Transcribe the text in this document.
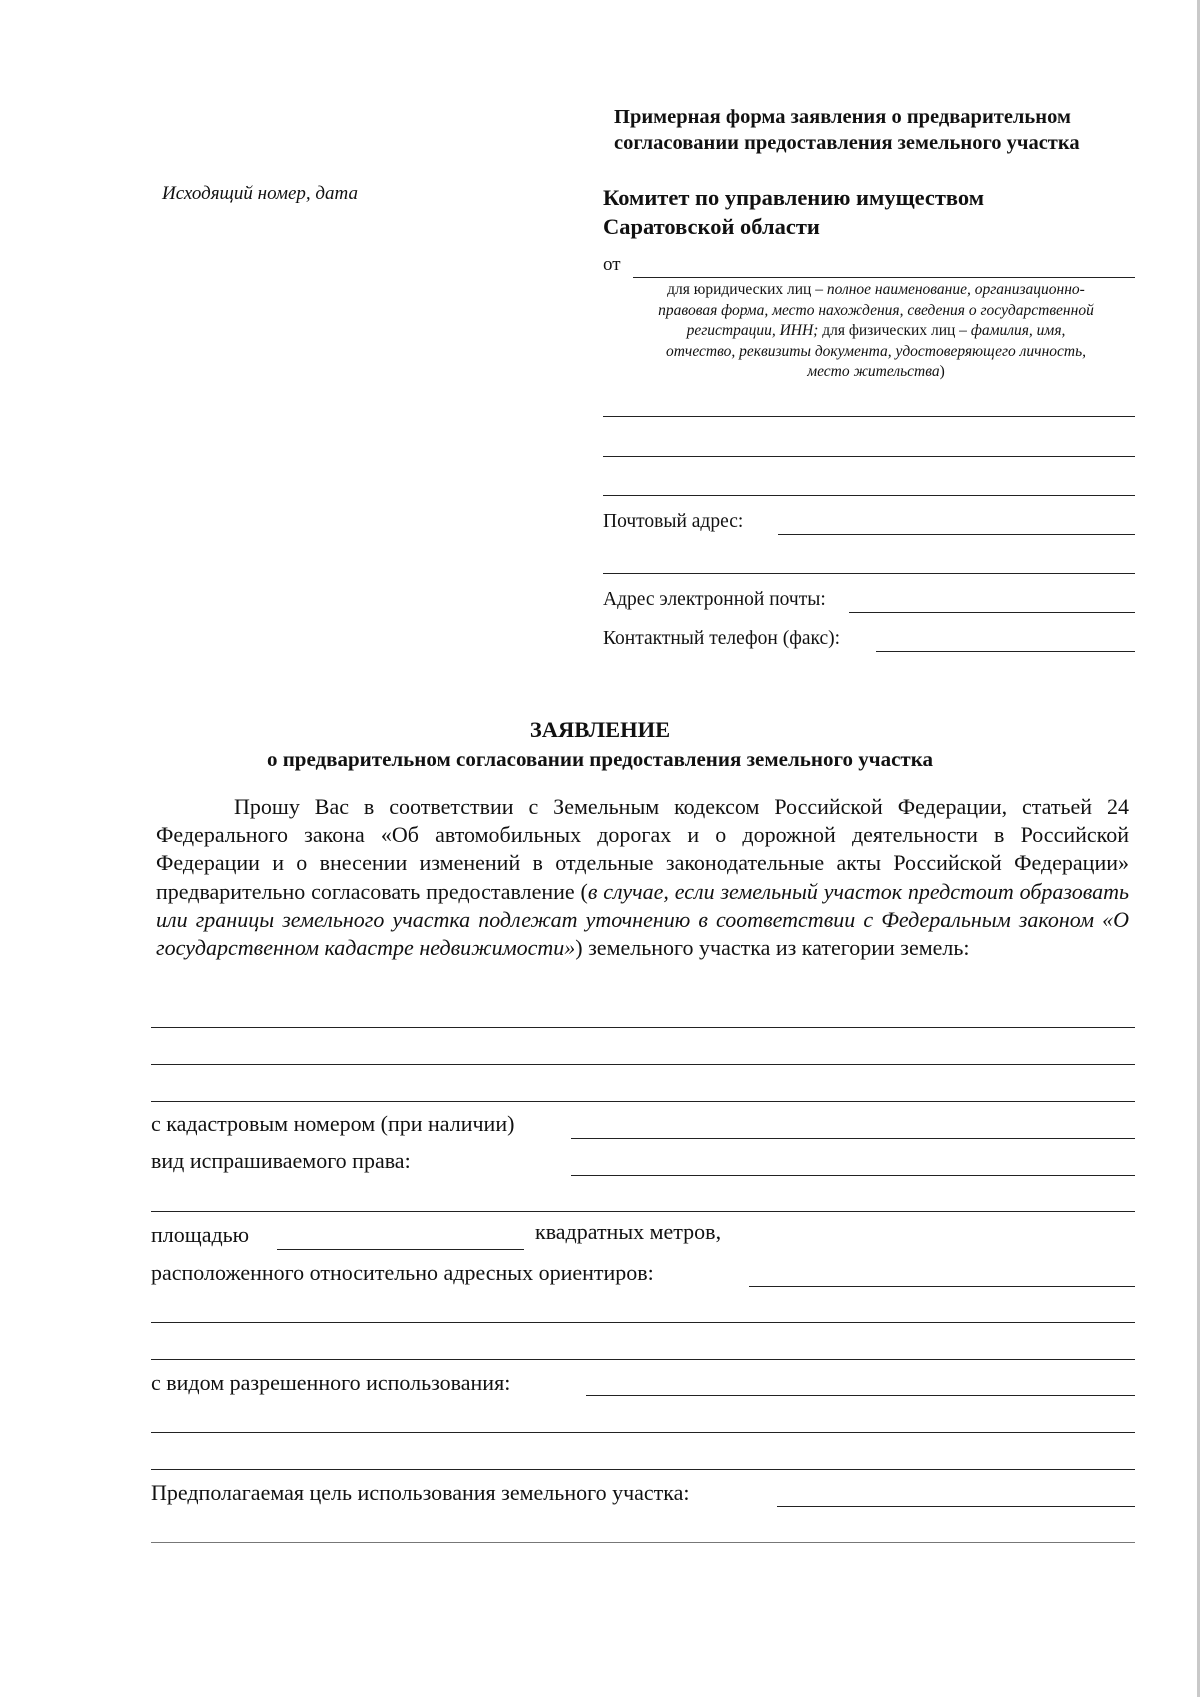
Примерная форма заявления о предварительном
согласовании предоставления земельного участка
Исходящий номер, дата	Комитет по управлению имуществом
Саратовской области
от
для юридических лиц – полное наименование, организационно-
правовая форма, место нахождения, сведения о государственной
регистрации, ИНН; для физических лиц – фамилия, имя,
отчество, реквизиты документа, удостоверяющего личность,
место жительства)
Почтовый адрес:
Адрес электронной почты:
Контактный телефон (факс):
ЗАЯВЛЕНИЕ
о предварительном согласовании предоставления земельного участка
Прошу Вас в соответствии с Земельным кодексом Российской Федерации, статьей 24 Федерального закона «Об автомобильных дорогах и о дорожной деятельности в Российской Федерации и о внесении изменений в отдельные законодательные акты Российской Федерации» предварительно согласовать предоставление (в случае, если земельный участок предстоит образовать или границы земельного участка подлежат уточнению в соответствии с Федеральным законом «О государственном кадастре недвижимости») земельного участка из категории земель:
с кадастровым номером (при наличии)
вид испрашиваемого права:
площадью	квадратных метров,
расположенного относительно адресных ориентиров:
с видом разрешенного использования:
Предполагаемая цель использования земельного участка:
